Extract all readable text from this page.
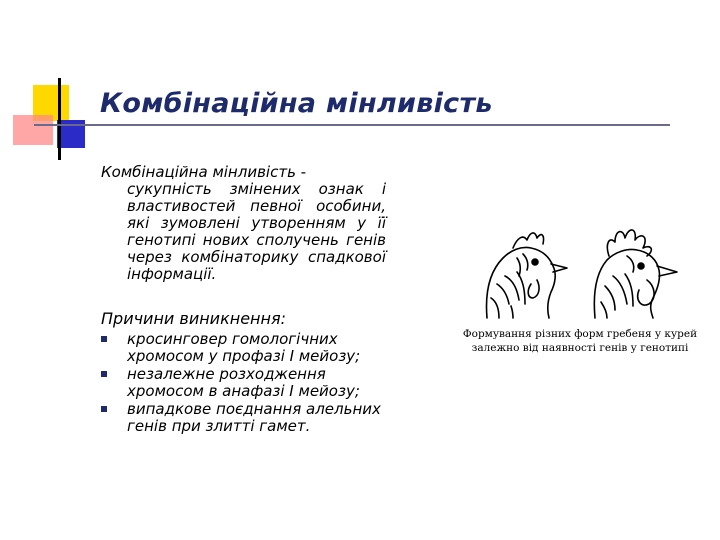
Комбінаційна мінливість
Комбінаційна мінливість -
сукупність змінених ознак і властивостей певної особини, які зумовлені утворенням у її генотипі нових сполучень генів через комбінаторику спадкової інформації.
Причини виникнення:
кросинговер гомологічних хромосом у профазі І мейозу;
незалежне розходження хромосом в анафазі І мейозу;
випадкове поєднання алельних генів при злитті гамет.
Формування різних форм гребеня у курей залежно від наявності генів у генотипі
